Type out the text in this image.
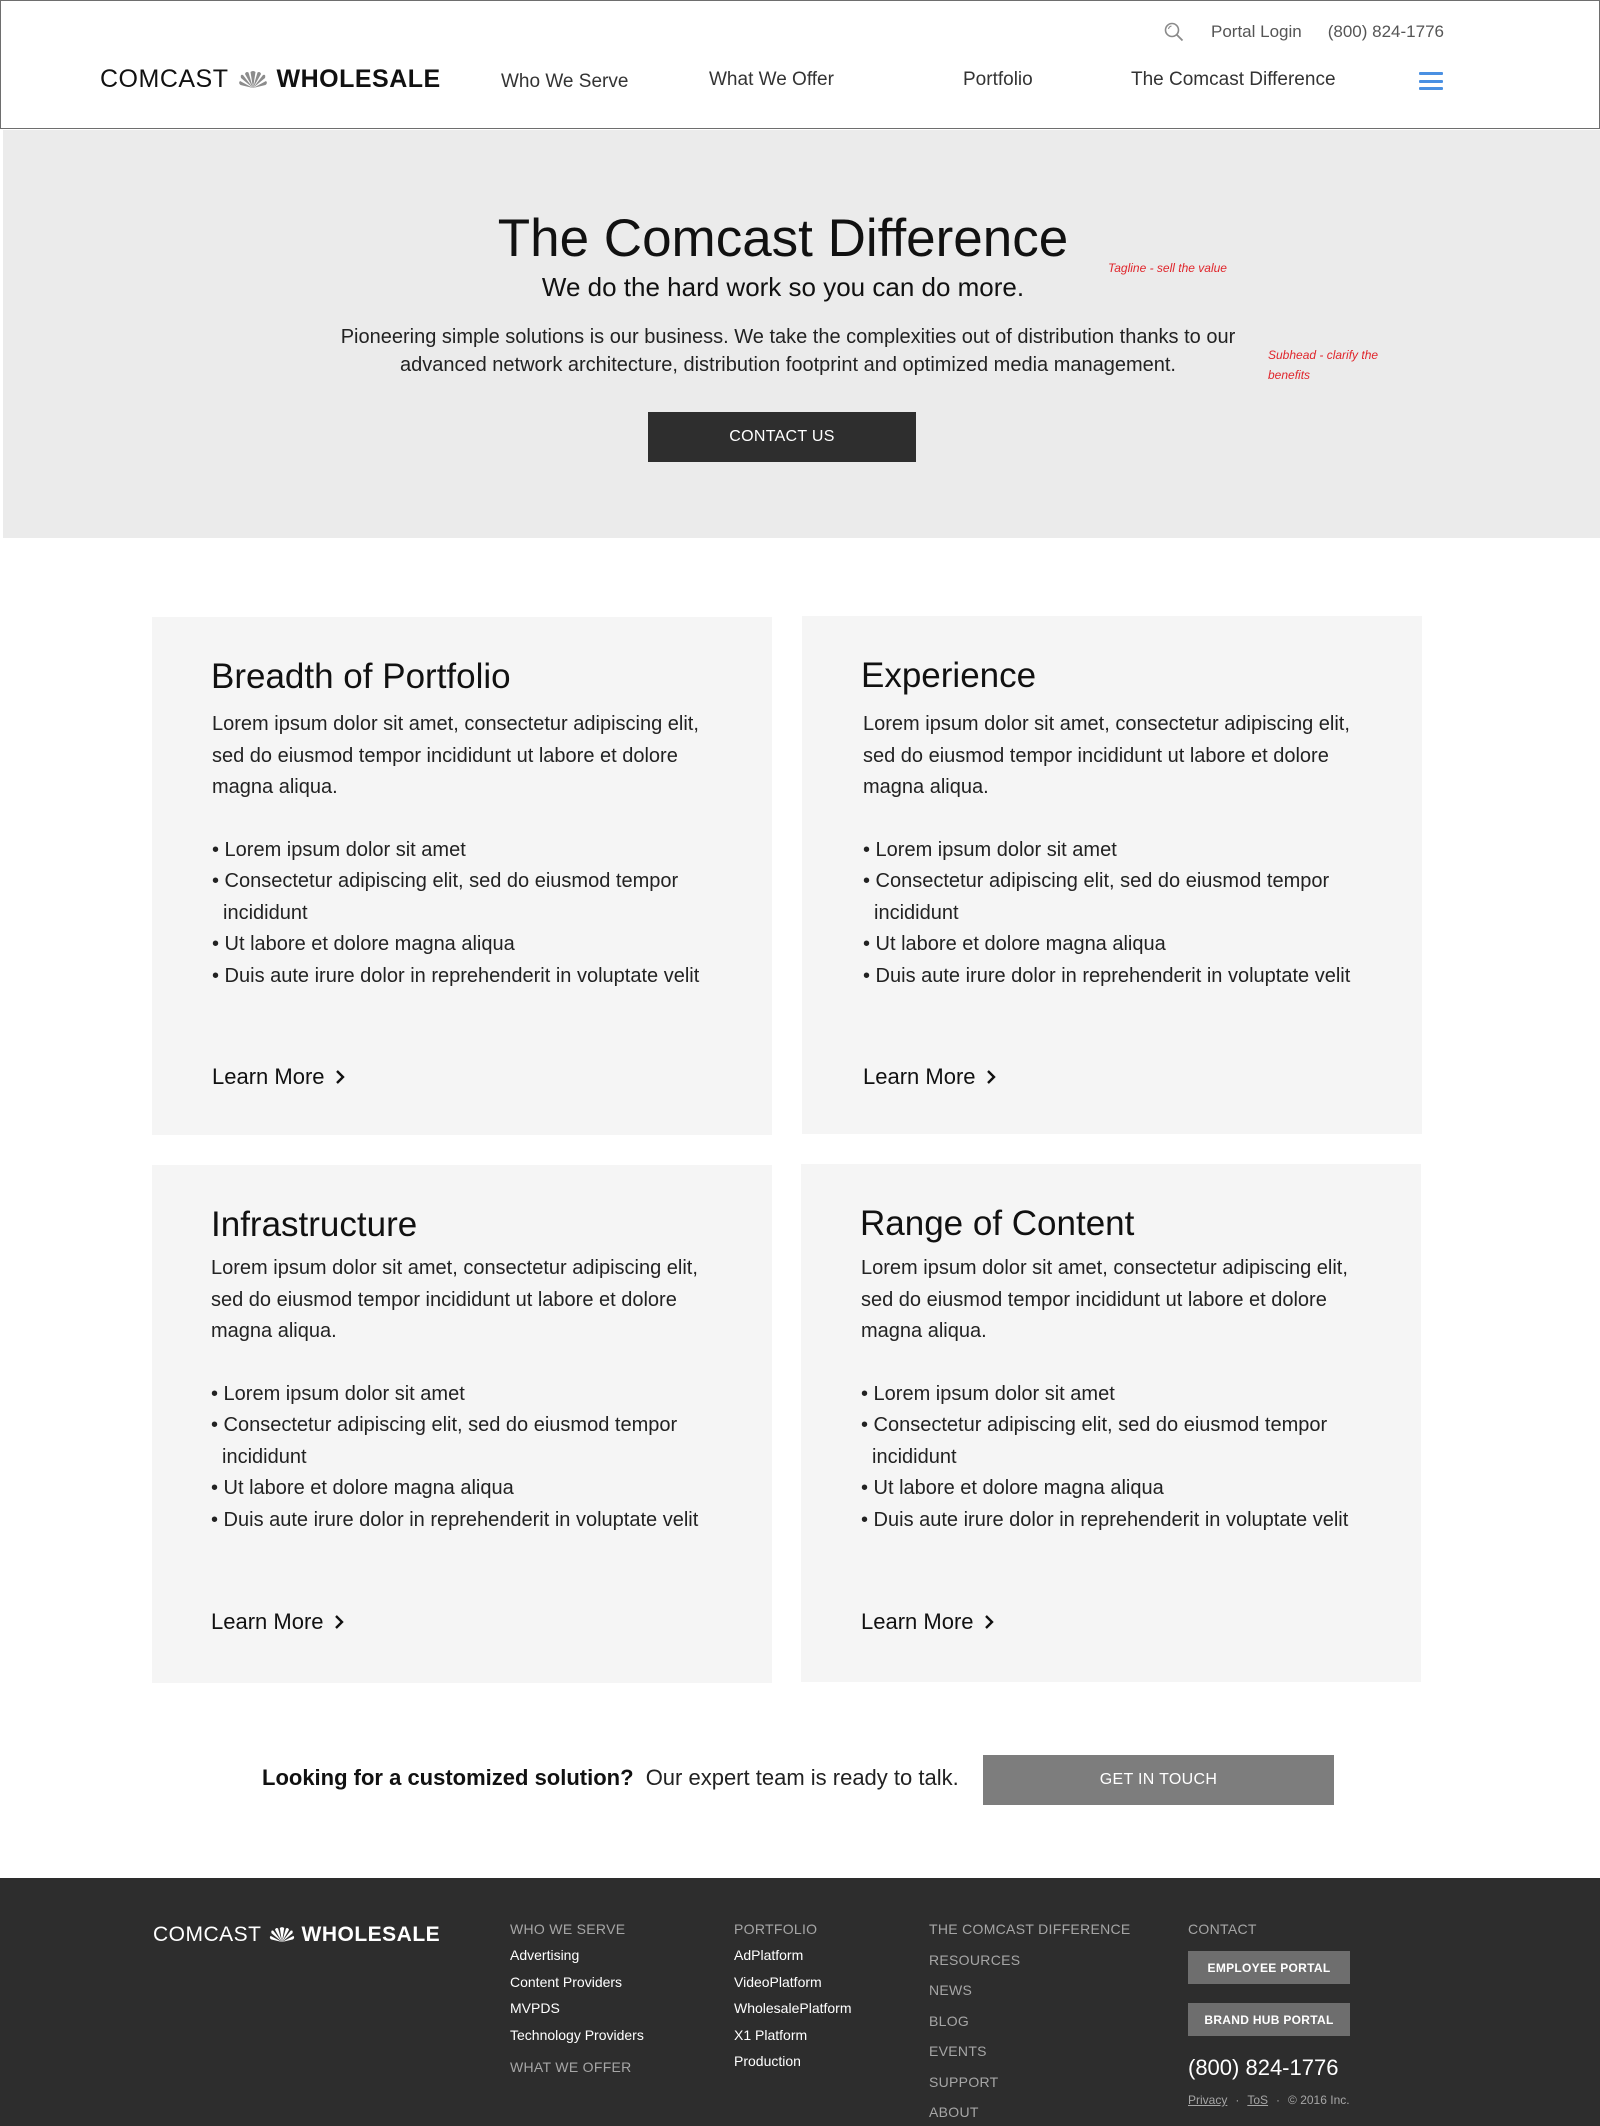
Portal Login (800) 824-1776
COMCAST WHOLESALE	Who We Serve	What We Offer	Portfolio	The Comcast Difference
The Comcast Difference
We do the hard work so you can do more.
Pioneering simple solutions is our business. We take the complexities out of distribution thanks to our advanced network architecture, distribution footprint and optimized media management.
CONTACT US
Tagline - sell the value
Subhead - clarify the
benefits
Breadth of Portfolio

Lorem ipsum dolor sit amet, consectetur adipiscing elit, sed do eiusmod tempor incididunt ut labore et dolore magna aliqua.

• Lorem ipsum dolor sit amet
• Consectetur adipiscing elit, sed do eiusmod tempor incididunt
• Ut labore et dolore magna aliqua
• Duis aute irure dolor in reprehenderit in voluptate velit
Learn More
Experience

Lorem ipsum dolor sit amet, consectetur adipiscing elit, sed do eiusmod tempor incididunt ut labore et dolore magna aliqua.

• Lorem ipsum dolor sit amet
• Consectetur adipiscing elit, sed do eiusmod tempor incididunt
• Ut labore et dolore magna aliqua
• Duis aute irure dolor in reprehenderit in voluptate velit
Learn More
Infrastructure

Lorem ipsum dolor sit amet, consectetur adipiscing elit, sed do eiusmod tempor incididunt ut labore et dolore magna aliqua.

• Lorem ipsum dolor sit amet
• Consectetur adipiscing elit, sed do eiusmod tempor incididunt
• Ut labore et dolore magna aliqua
• Duis aute irure dolor in reprehenderit in voluptate velit
Learn More
Range of Content

Lorem ipsum dolor sit amet, consectetur adipiscing elit, sed do eiusmod tempor incididunt ut labore et dolore magna aliqua.

• Lorem ipsum dolor sit amet
• Consectetur adipiscing elit, sed do eiusmod tempor incididunt
• Ut labore et dolore magna aliqua
• Duis aute irure dolor in reprehenderit in voluptate velit
Learn More
Looking for a customized solution? Our expert team is ready to talk.	GET IN TOUCH
COMCAST WHOLESALE	WHO WE SERVE
Advertising
Content Providers
MVPDS
Technology Providers
WHAT WE OFFER
PORTFOLIO
AdPlatform
VideoPlatform
WholesalePlatform
X1 Platform
Production
THE COMCAST DIFFERENCE
RESOURCES
NEWS
BLOG
EVENTS
SUPPORT
ABOUT
CONTACT
EMPLOYEE PORTAL
BRAND HUB PORTAL
(800) 824-1776
Privacy · ToS · © 2016 Inc.
